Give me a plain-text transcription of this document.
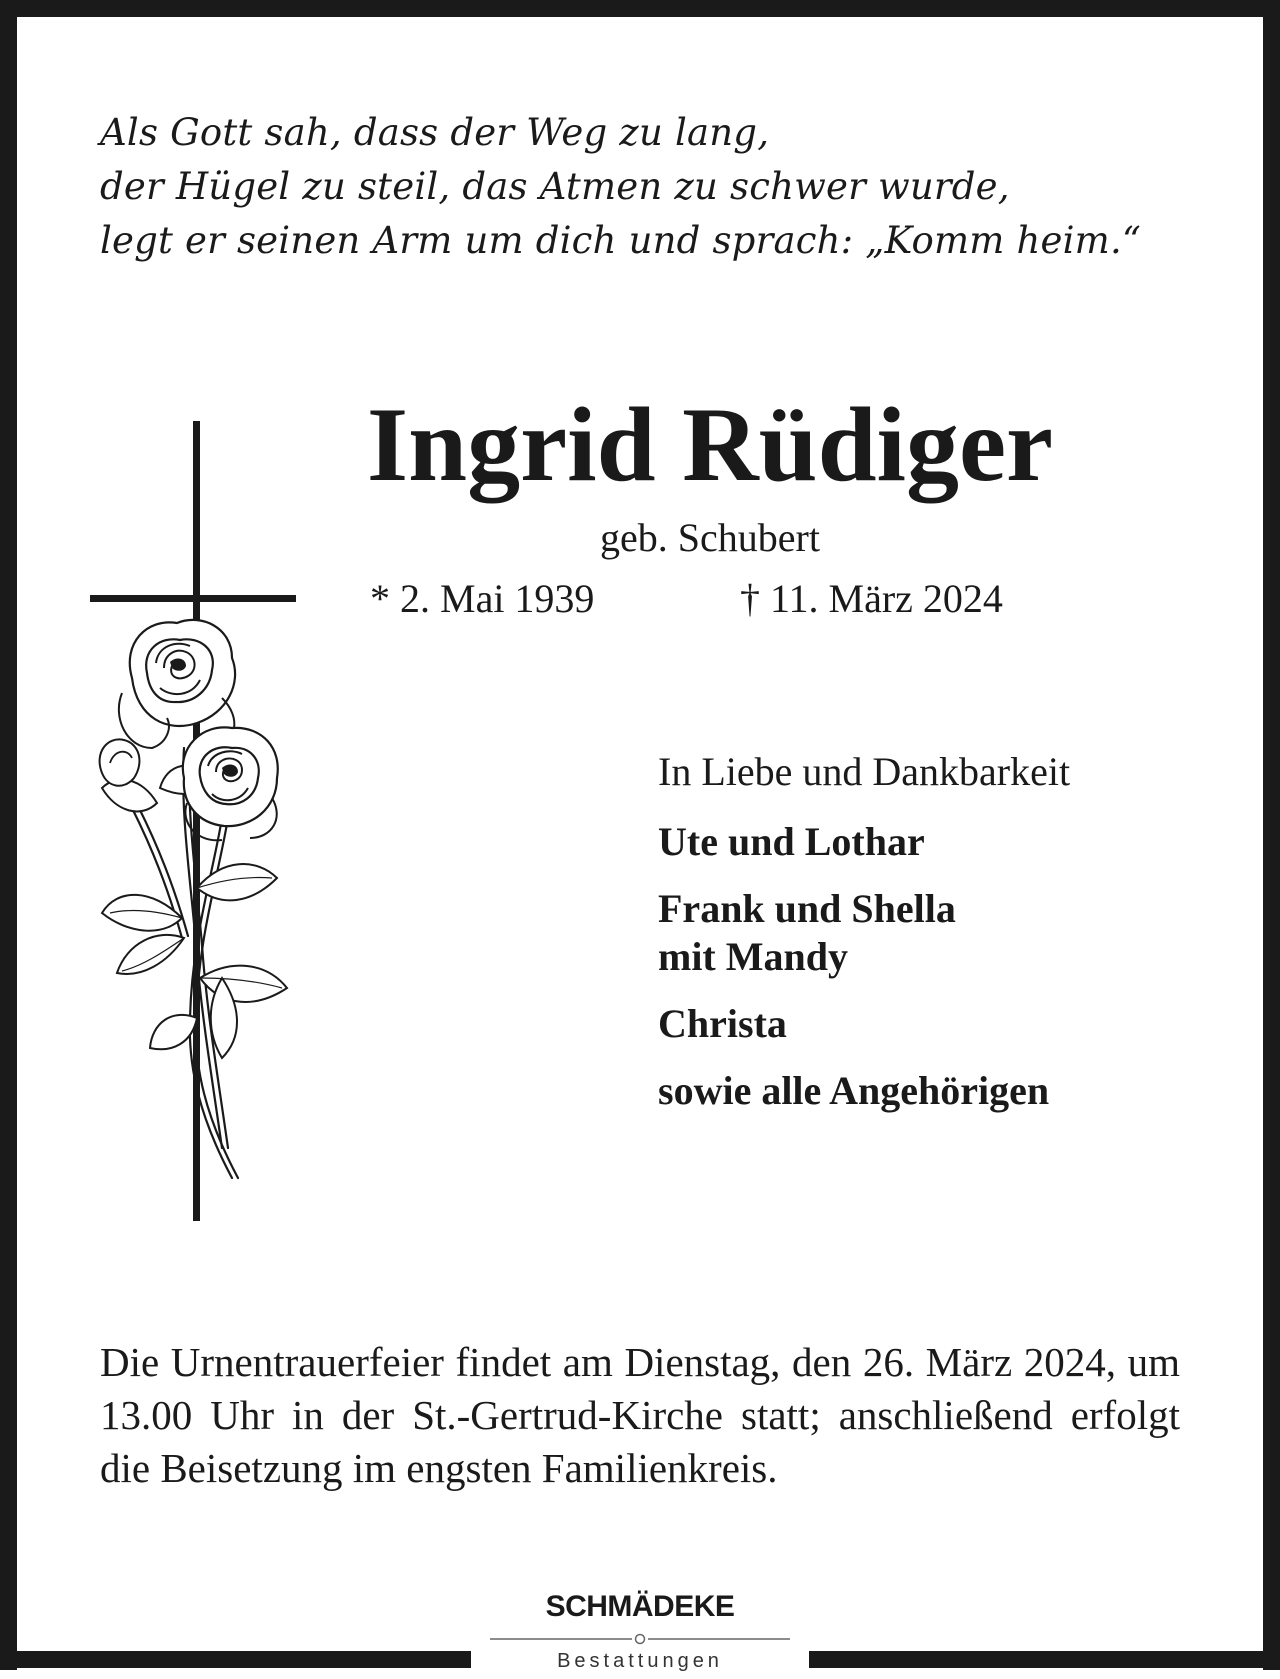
Als Gott sah, dass der Weg zu lang,
der Hügel zu steil, das Atmen zu schwer wurde,
legt er seinen Arm um dich und sprach: „Komm heim.“
Ingrid Rüdiger
geb. Schubert
* 2. Mai 1939	† 11. März 2024
In Liebe und Dankbarkeit
Ute und Lothar
Frank und Shella
mit Mandy
Christa
sowie alle Angehörigen
Die Urnentrauerfeier findet am Dienstag, den 26. März 2024, um 13.00 Uhr in der St.-Gertrud-Kirche statt; anschließend erfolgt die Beisetzung im engsten Familienkreis.
SCHMÄDEKE
Bestattungen
